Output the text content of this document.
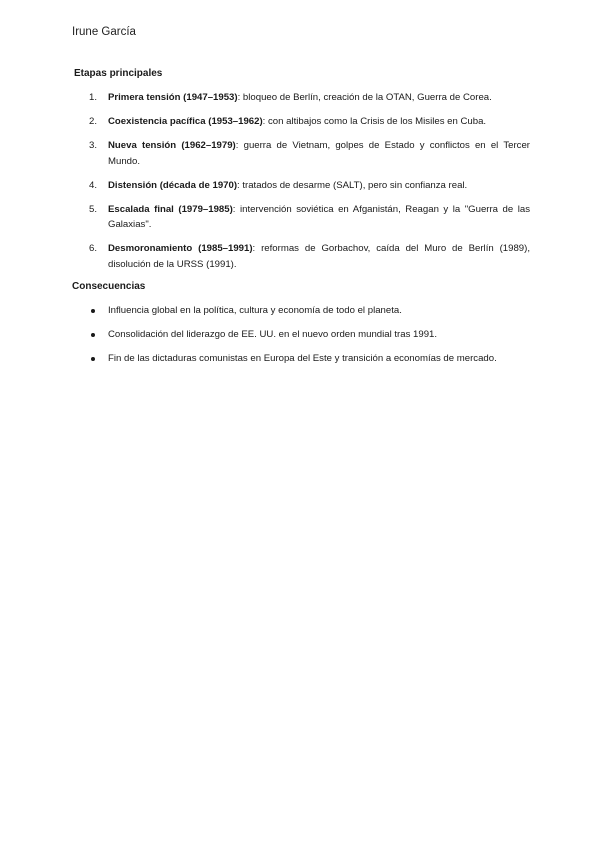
Irune García
Etapas principales
1. Primera tensión (1947–1953): bloqueo de Berlín, creación de la OTAN, Guerra de Corea.
2. Coexistencia pacífica (1953–1962): con altibajos como la Crisis de los Misiles en Cuba.
3. Nueva tensión (1962–1979): guerra de Vietnam, golpes de Estado y conflictos en el Tercer Mundo.
4. Distensión (década de 1970): tratados de desarme (SALT), pero sin confianza real.
5. Escalada final (1979–1985): intervención soviética en Afganistán, Reagan y la "Guerra de las Galaxias".
6. Desmoronamiento (1985–1991): reformas de Gorbachov, caída del Muro de Berlín (1989), disolución de la URSS (1991).
Consecuencias
Influencia global en la política, cultura y economía de todo el planeta.
Consolidación del liderazgo de EE. UU. en el nuevo orden mundial tras 1991.
Fin de las dictaduras comunistas en Europa del Este y transición a economías de mercado.
